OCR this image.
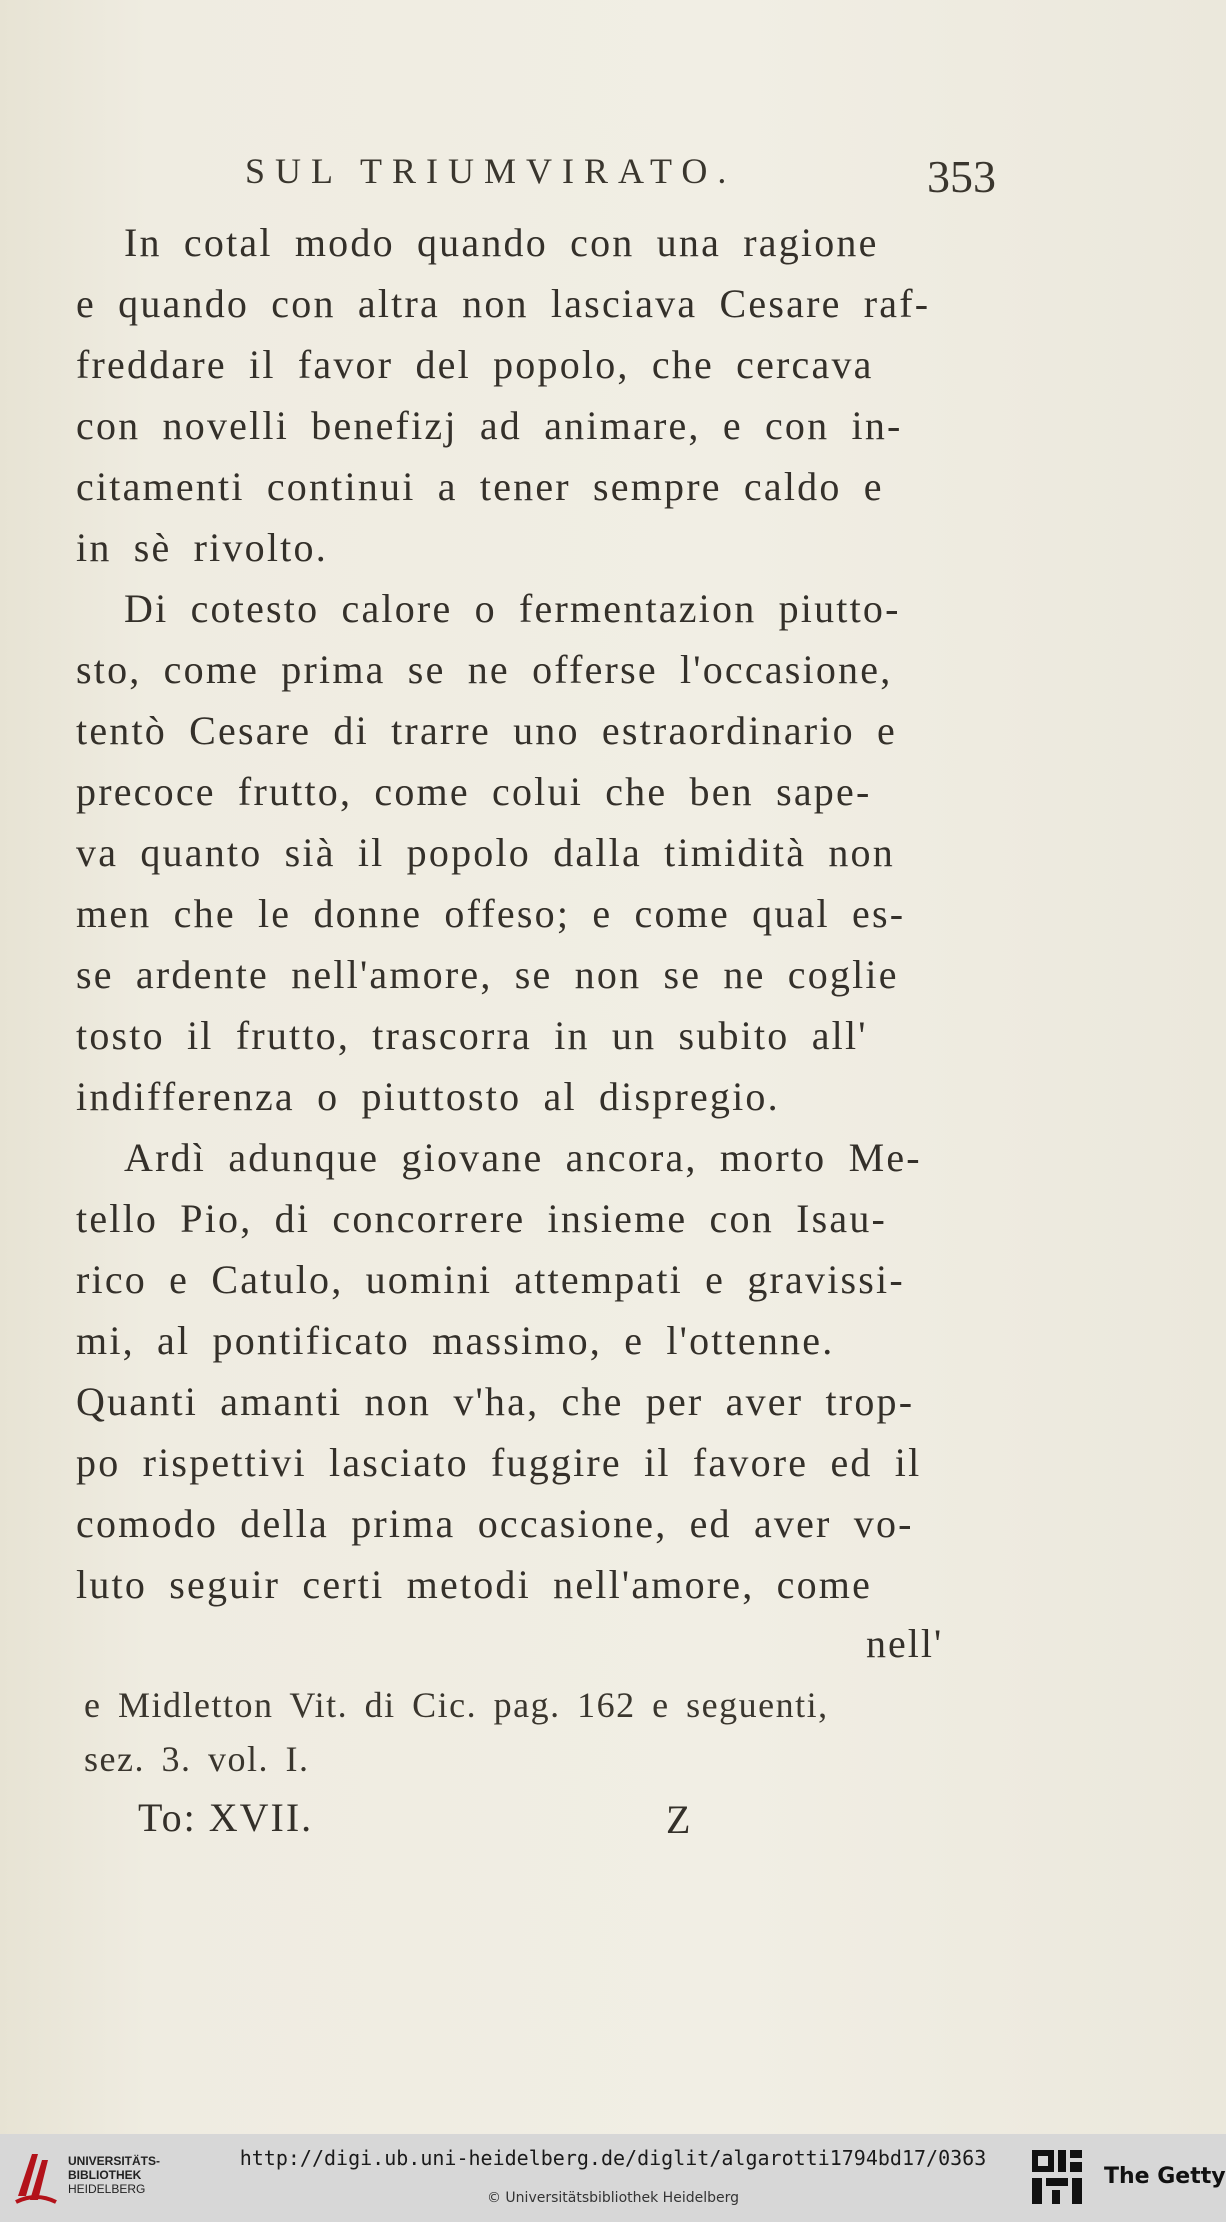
SUL TRIUMVIRATO.	353
In cotal modo quando con una ragione
e quando con altra non lasciava Cesare raf-
freddare il favor del popolo, che cercava
con novelli benefizj ad animare, e con in-
citamenti continui a tener sempre caldo e
in sè rivolto.
Di cotesto calore o fermentazion piutto-
sto, come prima se ne offerse l'occasione,
tentò Cesare di trarre uno estraordinario e
precoce frutto, come colui che ben sape-
va quanto sià il popolo dalla timidità non
men che le donne offeso; e come qual es-
se ardente nell'amore, se non se ne coglie
tosto il frutto, trascorra in un subito all'
indifferenza o piuttosto al dispregio.
Ardì adunque giovane ancora, morto Me-
tello Pio, di concorrere insieme con Isau-
rico e Catulo, uomini attempati e gravissi-
mi, al pontificato massimo, e l'ottenne.
Quanti amanti non v'ha, che per aver trop-
po rispettivi lasciato fuggire il favore ed il
comodo della prima occasione, ed aver vo-
luto seguir certi metodi nell'amore, come
nell'
e Midletton Vit. di Cic. pag. 162 e seguenti,
sez. 3. vol. I.
To: XVII.	Z
UNIVERSITÄTS-
BIBLIOTHEK
HEIDELBERG
http://digi.ub.uni-heidelberg.de/diglit/algarotti1794bd17/0363
© Universitätsbibliothek Heidelberg
The Getty
